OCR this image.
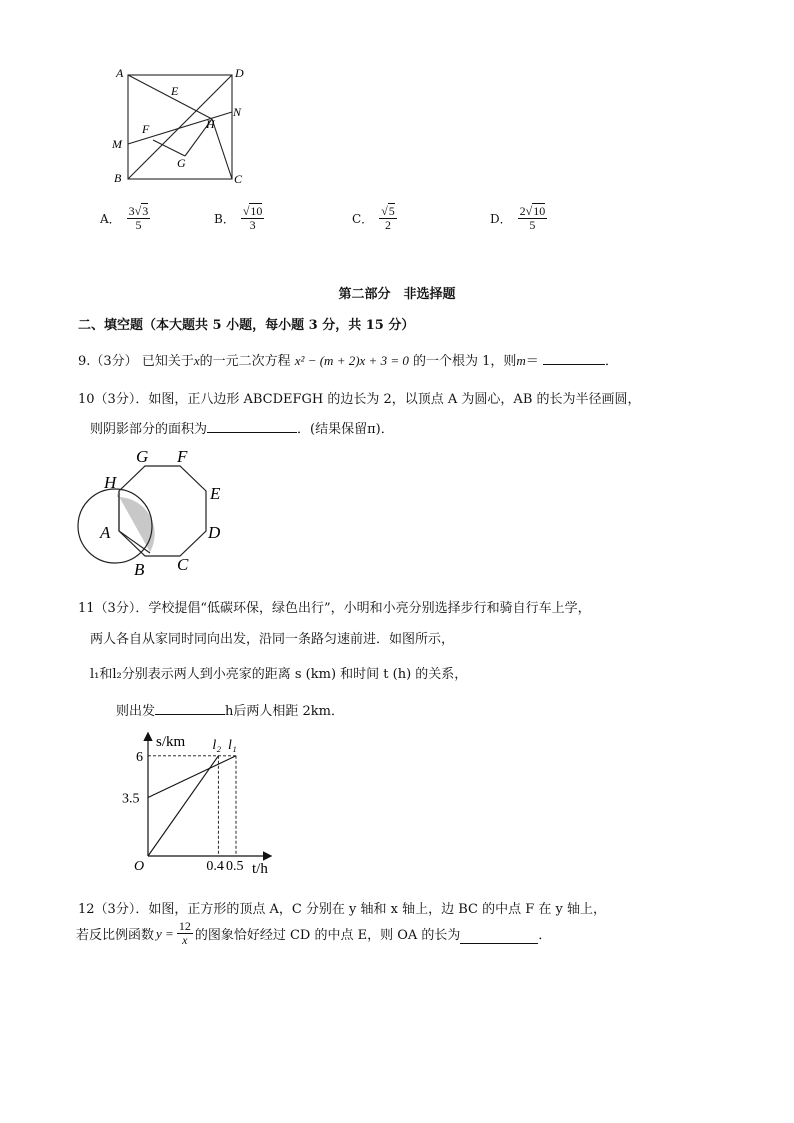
A	D
E
N
F	H
M
G
B	C
A． $\frac{3√3}{5}$	B． $\frac{√10}{3}$	C． $\frac{√5}{2}$	D． $\frac{2√10}{5}$
第二部分　非选择题
二、填空题（本大题共 5 小题，每小题 3 分，共 15 分）
9.（3分） 已知关于x的一元二次方程 x² − (m + 2)x + 3 = 0 的一个根为 1，则m＝	．
10（3分）．如图，正八边形 ABCDEFGH 的边长为 2，以顶点 A 为圆心，AB 的长为半径画圆，
则阴影部分的面积为	．(结果保留π)．
G F
H
E
A	D
C
B
11（3分）．学校提倡“低碳环保，绿色出行”，小明和小亮分别选择步行和骑自行车上学，
两人各自从家同时同向出发，沿同一条路匀速前进．如图所示，
l₁和l₂分别表示两人到小亮家的距离 s (km) 和时间 t (h) 的关系，
则出发	h后两人相距 2km．
O	0.4 0.5
3.5
6
s/km
t/h
l₂ l₁
12（3分）．如图，正方形的顶点 A，C 分别在 y 轴和 x 轴上，边 BC 的中点 F 在 y 轴上，
若反比例函数 $y = \frac{12}{x}$ 的图象恰好经过 CD 的中点 E，则 OA 的长为	．
